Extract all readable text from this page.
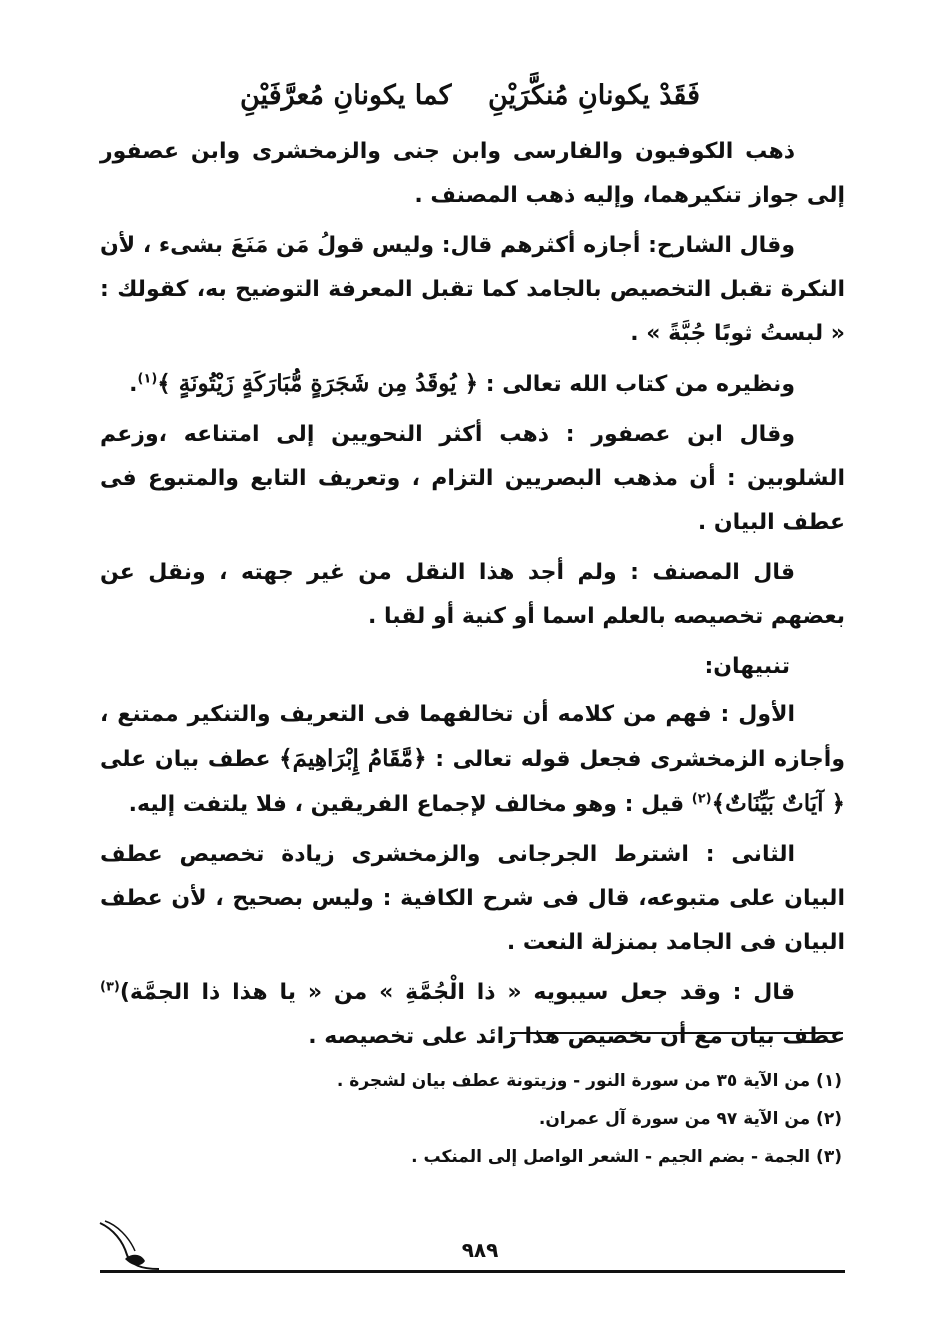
فَقَدْ يكونانِ مُنكَّرَيْنِ
كما يكونانِ مُعرَّفَيْنِ

ذهب الكوفيون والفارسى وابن جنى والزمخشرى وابن عصفور إلى جواز تنكيرهما، وإليه ذهب المصنف .

وقال الشارح: أجازه أكثرهم قال: وليس قولُ مَن مَنَعَ بشىء ، لأن النكرة تقبل التخصيص بالجامد كما تقبل المعرفة التوضيح به، كقولك : « لبستُ ثوبًا جُبَّةً » .

ونظيره من كتاب الله تعالى : ﴿ يُوقَدُ مِن شَجَرَةٍ مُّبَارَكَةٍ زَيْتُونَةٍ ﴾$^{(١)}$.

وقال ابن عصفور : ذهب أكثر النحويين إلى امتناعه ،وزعم الشلوبين : أن مذهب البصريين التزام ، وتعريف التابع والمتبوع فى عطف البيان .

قال المصنف : ولم أجد هذا النقل من غير جهته ، ونقل عن بعضهم تخصيصه بالعلم اسما أو كنية أو لقبا .

تنبيهان:

الأول : فهم من كلامه أن تخالفهما فى التعريف والتنكير ممتنع ، وأجازه الزمخشرى فجعل قوله تعالى : ﴿مَّقَامُ إِبْرَاهِيمَ﴾ عطف بيان على ﴿ آيَاتٌ بَيِّنَاتٌ﴾$^{(٢)}$ قيل : وهو مخالف لإجماع الفريقين ، فلا يلتفت إليه.

الثانى : اشترط الجرجانى والزمخشرى زيادة تخصيص عطف البيان على متبوعه، قال فى شرح الكافية : وليس بصحيح ، لأن عطف البيان فى الجامد بمنزلة النعت .

قال : وقد جعل سيبويه « ذا الْجُمَّةِ » من « يا هذا ذا الجمَّة)$^{(٣)}$ عطف بيان مع أن تخصيص هذا زائد على تخصيصه .

(١) من الآية ٣٥ من سورة النور - وزيتونة عطف بيان لشجرة .
(٢) من الآية ٩٧ من سورة آل عمران.
(٣) الجمة - بضم الجيم - الشعر الواصل إلى المنكب .
٩٨٩
